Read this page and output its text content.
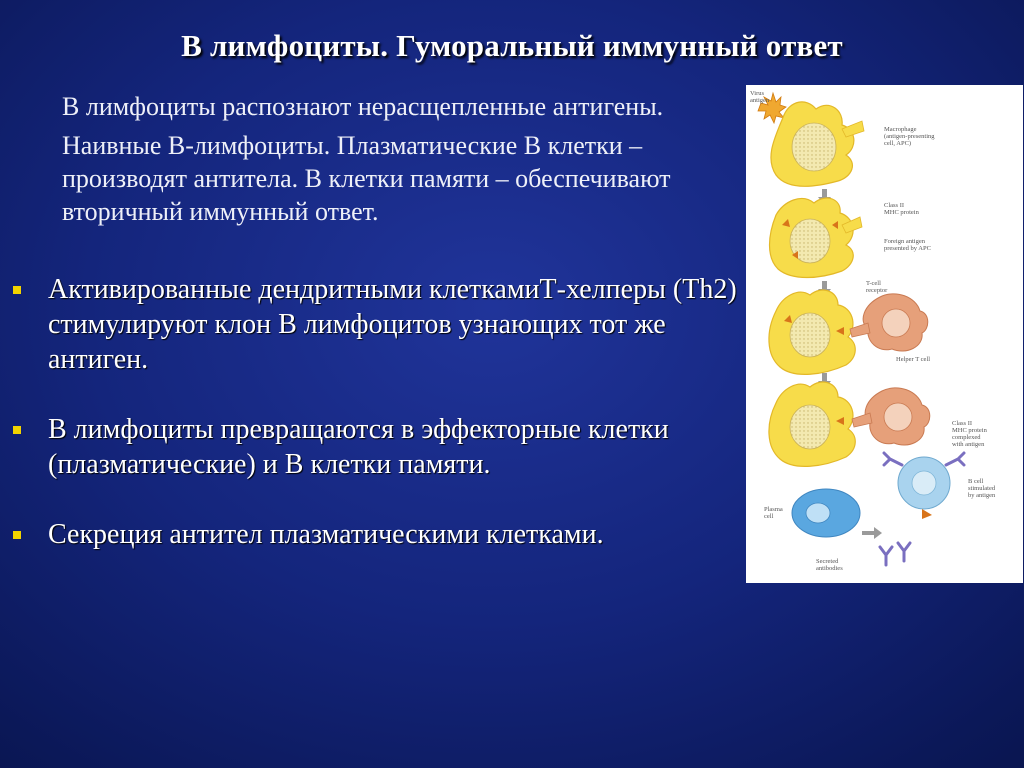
В лимфоциты. Гуморальный иммунный ответ

В лимфоциты распознают нерасщепленные антигены.

Наивные В-лимфоциты. Плазматические В клетки – производят антитела. В клетки памяти – обеспечивают вторичный иммунный ответ.

Активированные дендритными клеткамиТ-хелперы (Th2) стимулируют клон В лимфоцитов узнающих тот же антиген.
В лимфоциты превращаются в эффекторные клетки (плазматические) и В клетки памяти.
Секреция антител плазматическими клетками.
Virus
antigen
Macrophage
(antigen-presenting
cell, APC)
Class II
MHC protein
Foreign antigen
presented by APC
T-cell
receptor
Helper T cell
Class II
MHC protein
complexed
with antigen
B cell
stimulated
by antigen
Plasma
cell
Secreted
antibodies
